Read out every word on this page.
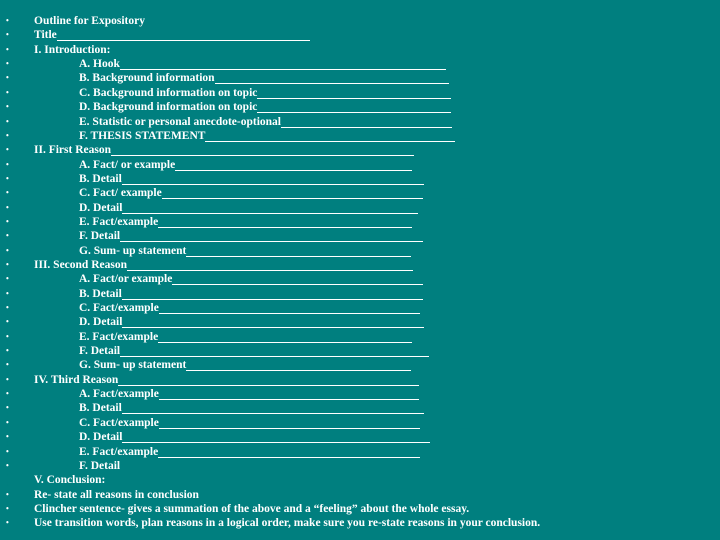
• Outline for Expository
• Title
• I. Introduction:
•	A. Hook
•	B. Background information
•	C. Background information on topic
•	D. Background information on topic
•	E. Statistic or personal anecdote-optional
•	F. THESIS STATEMENT
• II. First Reason
•	A. Fact/ or example
•	B. Detail
•	C. Fact/ example
•	D. Detail
•	E. Fact/example
•	F. Detail
•	G. Sum- up statement
• III. Second Reason
•	A. Fact/or example
•	B. Detail
•	C. Fact/example
•	D. Detail
•	E. Fact/example
•	F. Detail
•	G. Sum- up statement
• IV. Third Reason
•	A. Fact/example
•	B. Detail
•	C. Fact/example
•	D. Detail
•	E. Fact/example
•	F. Detail
V. Conclusion:
• Re- state all reasons in conclusion
• Clincher sentence- gives a summation of the above and a “feeling” about the whole essay.
• Use transition words, plan reasons in a logical order, make sure you re-state reasons in your conclusion.
